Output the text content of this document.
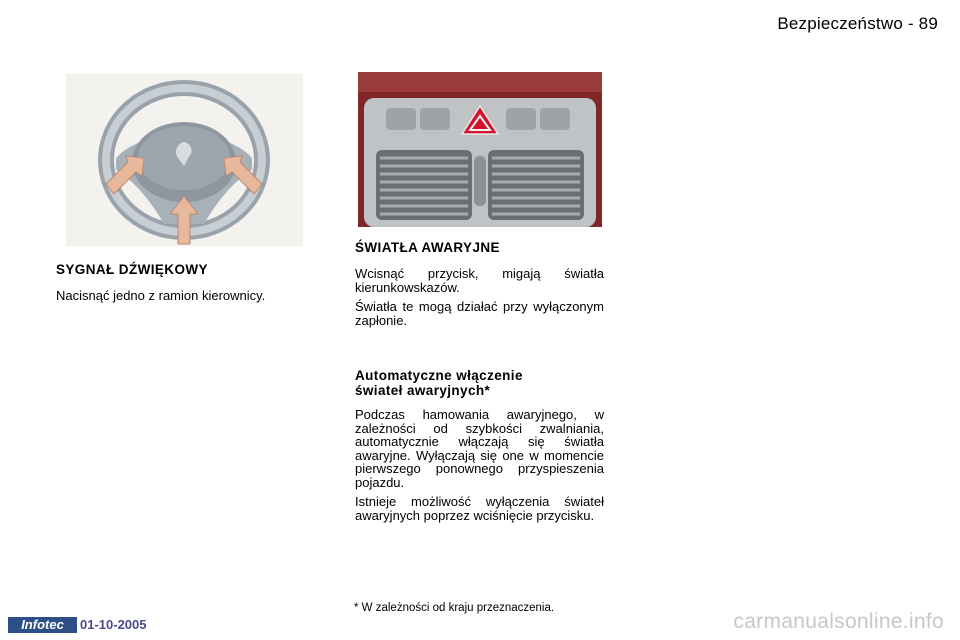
Bezpieczeństwo - 89
SYGNAŁ DŹWIĘKOWY
Nacisnąć jedno z ramion kierownicy.
ŚWIATŁA AWARYJNE

Wcisnąć przycisk, migają światła kierunkowskazów.

Światła te mogą działać przy wyłączonym zapłonie.

Automatyczne włączenie
świateł awaryjnych*

Podczas hamowania awaryjnego, w zależności od szybkości zwalniania, automatycznie włączają się światła awaryjne. Wyłączają się one w momencie pierwszego ponownego przyspieszenia pojazdu.

Istnieje możliwość wyłączenia świateł awaryjnych poprzez wciśnięcie przycisku.

* W zależności od kraju przeznaczenia.
Infotec	01-10-2005	carmanualsonline.info
